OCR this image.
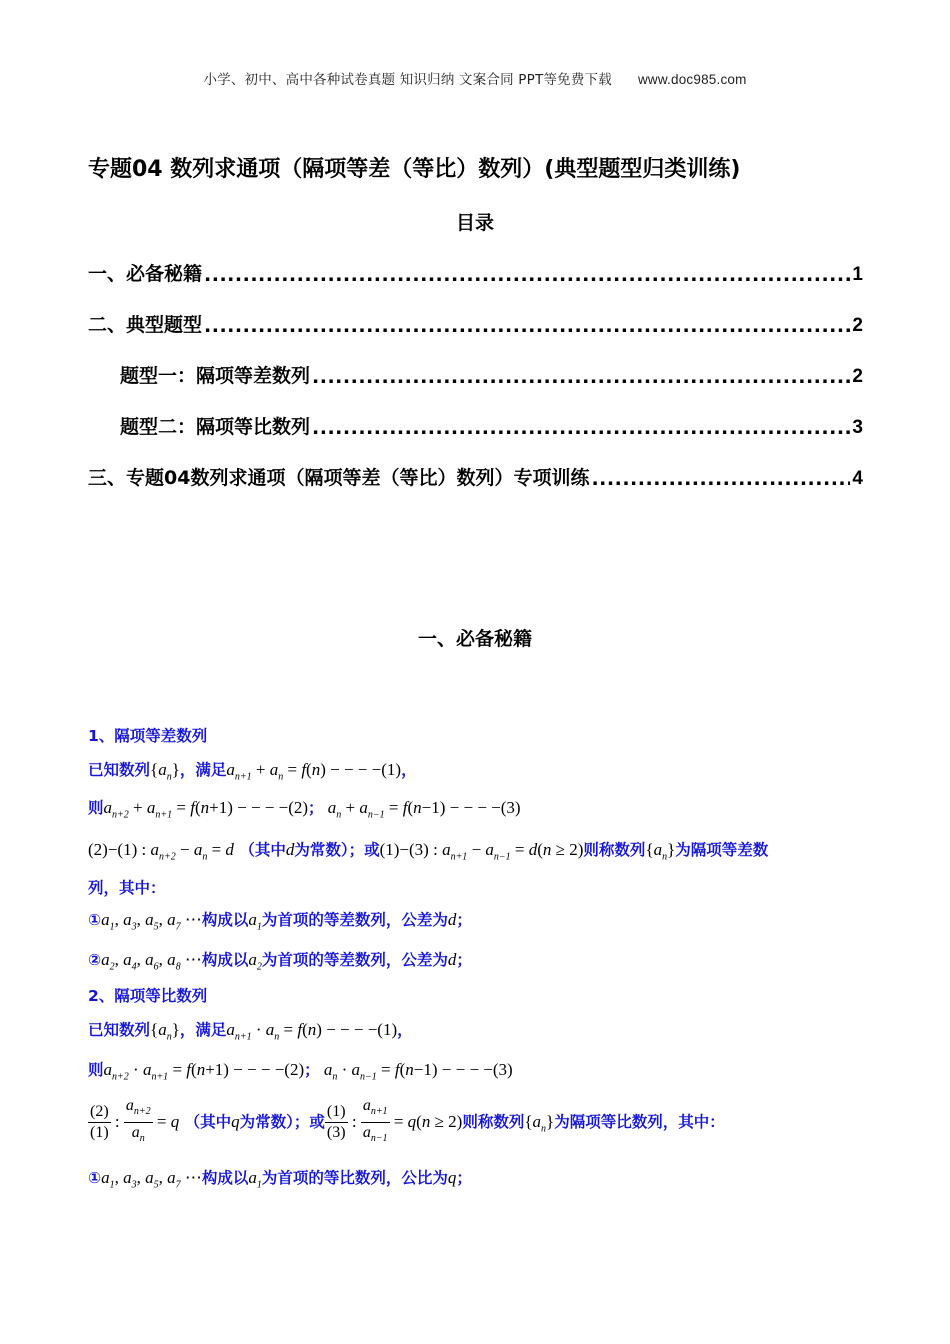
小学、初中、高中各种试卷真题 知识归纳 文案合同 PPT等免费下载 www.doc985.com
专题04 数列求通项（隔项等差（等比）数列）(典型题型归类训练)
目录
一、必备秘籍 .....	1
二、典型题型 .....	2
题型一：隔项等差数列 .....	2
题型二：隔项等比数列 .....	3
三、专题04数列求通项（隔项等差（等比）数列）专项训练 .....	4
一、必备秘籍
1、隔项等差数列
已知数列$\{a_n\}$，满足$a_{n+1} + a_n = f(n)$ − − − −(1)，
则$a_{n+2} + a_{n+1} = f(n+1)$ − − − −(2)； $a_n + a_{n-1} = f(n-1)$ − − − −(3)
(2)−(1) : $a_{n+2} - a_n = d$ （其中d为常数）；或(1)−(3) : $a_{n+1} - a_{n-1} = d(n \ge 2)$则称数列$\{a_n\}$为隔项等差数
列，其中：
$①a_1$, $a_3$, $a_5$, $a_7$ ⋯构成以$a_1$为首项的等差数列，公差为d；
$②a_2$, $a_4$, $a_6$, $a_8$ ⋯构成以$a_2$为首项的等差数列，公差为d；
2、隔项等比数列
已知数列$\{a_n\}$，满足$a_{n+1} \cdot a_n = f(n)$ − − − −(1)，
则$a_{n+2} \cdot a_{n+1} = f(n+1)$ − − − −(2)； $a_n \cdot a_{n-1} = f(n-1)$ − − − −(3)
$\frac{(2)}{(1)}$ : $\frac{a_{n+2}}{a_n} = q$ （其中q为常数）；或 $\frac{(1)}{(3)}$ : $\frac{a_{n+1}}{a_{n-1}} = q(n \ge 2)$则称数列$\{a_n\}$为隔项等比数列，其中：
$①a_1$, $a_3$, $a_5$, $a_7$ ⋯构成以$a_1$为首项的等比数列，公比为q；
